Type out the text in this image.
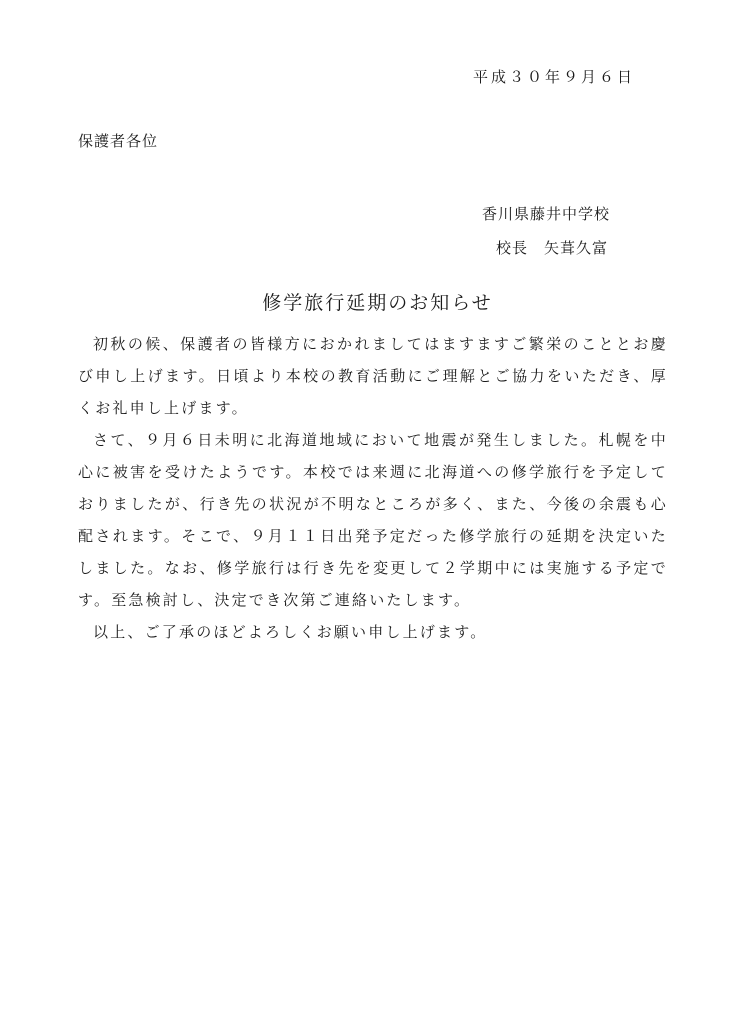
平成３０年９月６日
保護者各位
香川県藤井中学校
校長　矢葺久富
修学旅行延期のお知らせ

初秋の候、保護者の皆様方におかれましてはますますご繁栄のこととお慶び申し上げます。日頃より本校の教育活動にご理解とご協力をいただき、厚くお礼申し上げます。

さて、９月６日未明に北海道地域において地震が発生しました。札幌を中心に被害を受けたようです。本校では来週に北海道への修学旅行を予定しておりましたが、行き先の状況が不明なところが多く、また、今後の余震も心配されます。そこで、９月１１日出発予定だった修学旅行の延期を決定いたしました。なお、修学旅行は行き先を変更して２学期中には実施する予定です。至急検討し、決定でき次第ご連絡いたします。

以上、ご了承のほどよろしくお願い申し上げます。
